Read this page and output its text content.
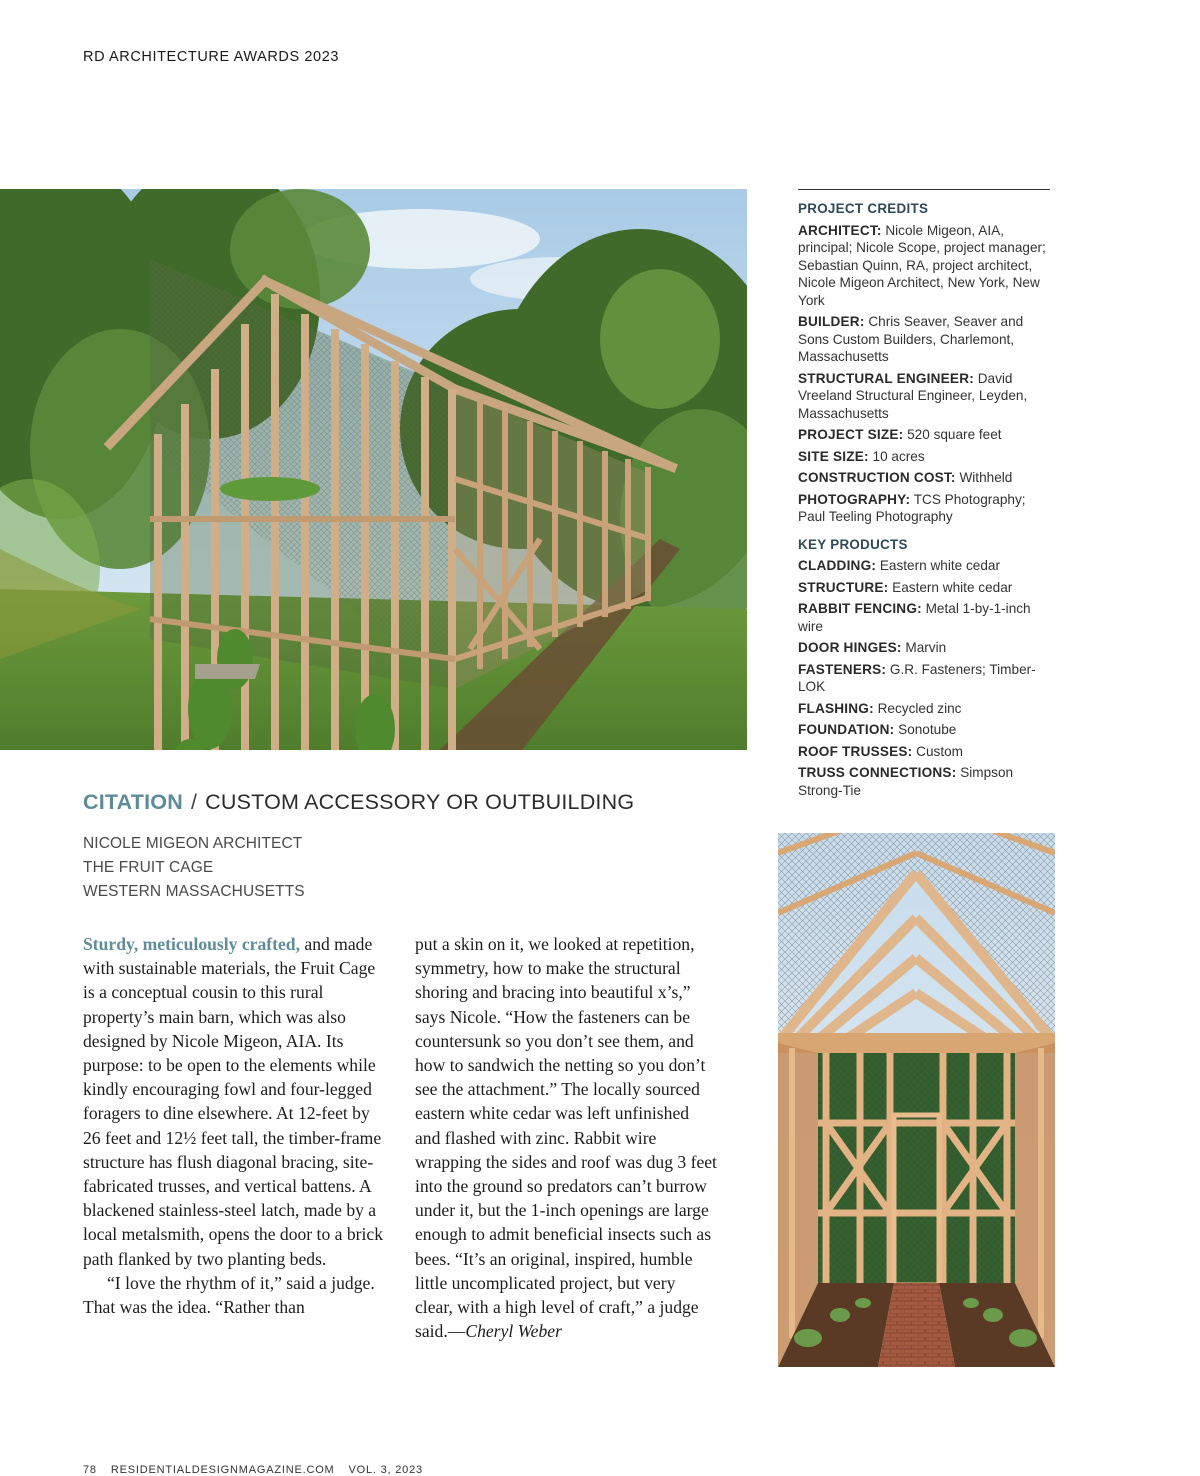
RD ARCHITECTURE AWARDS 2023
PROJECT CREDITS
ARCHITECT: Nicole Migeon, AIA, principal; Nicole Scope, project manager; Sebastian Quinn, RA, project architect, Nicole Migeon Architect, New York, New York
BUILDER: Chris Seaver, Seaver and Sons Custom Builders, Charlemont, Massachusetts
STRUCTURAL ENGINEER: David Vreeland Structural Engineer, Leyden, Massachusetts
PROJECT SIZE: 520 square feet
SITE SIZE: 10 acres
CONSTRUCTION COST: Withheld
PHOTOGRAPHY: TCS Photography; Paul Teeling Photography
KEY PRODUCTS
CLADDING: Eastern white cedar
STRUCTURE: Eastern white cedar
RABBIT FENCING: Metal 1-by-1-inch wire
DOOR HINGES: Marvin
FASTENERS: G.R. Fasteners; Timber-LOK
FLASHING: Recycled zinc
FOUNDATION: Sonotube
ROOF TRUSSES: Custom
TRUSS CONNECTIONS: Simpson Strong-Tie
CITATION / CUSTOM ACCESSORY OR OUTBUILDING
NICOLE MIGEON ARCHITECT
THE FRUIT CAGE
WESTERN MASSACHUSETTS

Sturdy, meticulously crafted, and made with sustainable materials, the Fruit Cage is a conceptual cousin to this rural property’s main barn, which was also designed by Nicole Migeon, AIA. Its purpose: to be open to the elements while kindly encouraging fowl and four-legged foragers to dine elsewhere. At 12-feet by 26 feet and 12½ feet tall, the timber-frame structure has flush diagonal bracing, site-fabricated trusses, and vertical battens. A blackened stainless-steel latch, made by a local metalsmith, opens the door to a brick path flanked by two planting beds.

“I love the rhythm of it,” said a judge. That was the idea. “Rather than

put a skin on it, we looked at repetition, symmetry, how to make the structural shoring and bracing into beautiful x’s,” says Nicole. “How the fasteners can be countersunk so you don’t see them, and how to sandwich the netting so you don’t see the attachment.” The locally sourced eastern white cedar was left unfinished and flashed with zinc. Rabbit wire wrapping the sides and roof was dug 3 feet into the ground so predators can’t burrow under it, but the 1-inch openings are large enough to admit beneficial insects such as bees. “It’s an original, inspired, humble little uncomplicated project, but very clear, with a high level of craft,” a judge said.—Cheryl Weber

78 RESIDENTIALDESIGNMAGAZINE.COM VOL. 3, 2023
